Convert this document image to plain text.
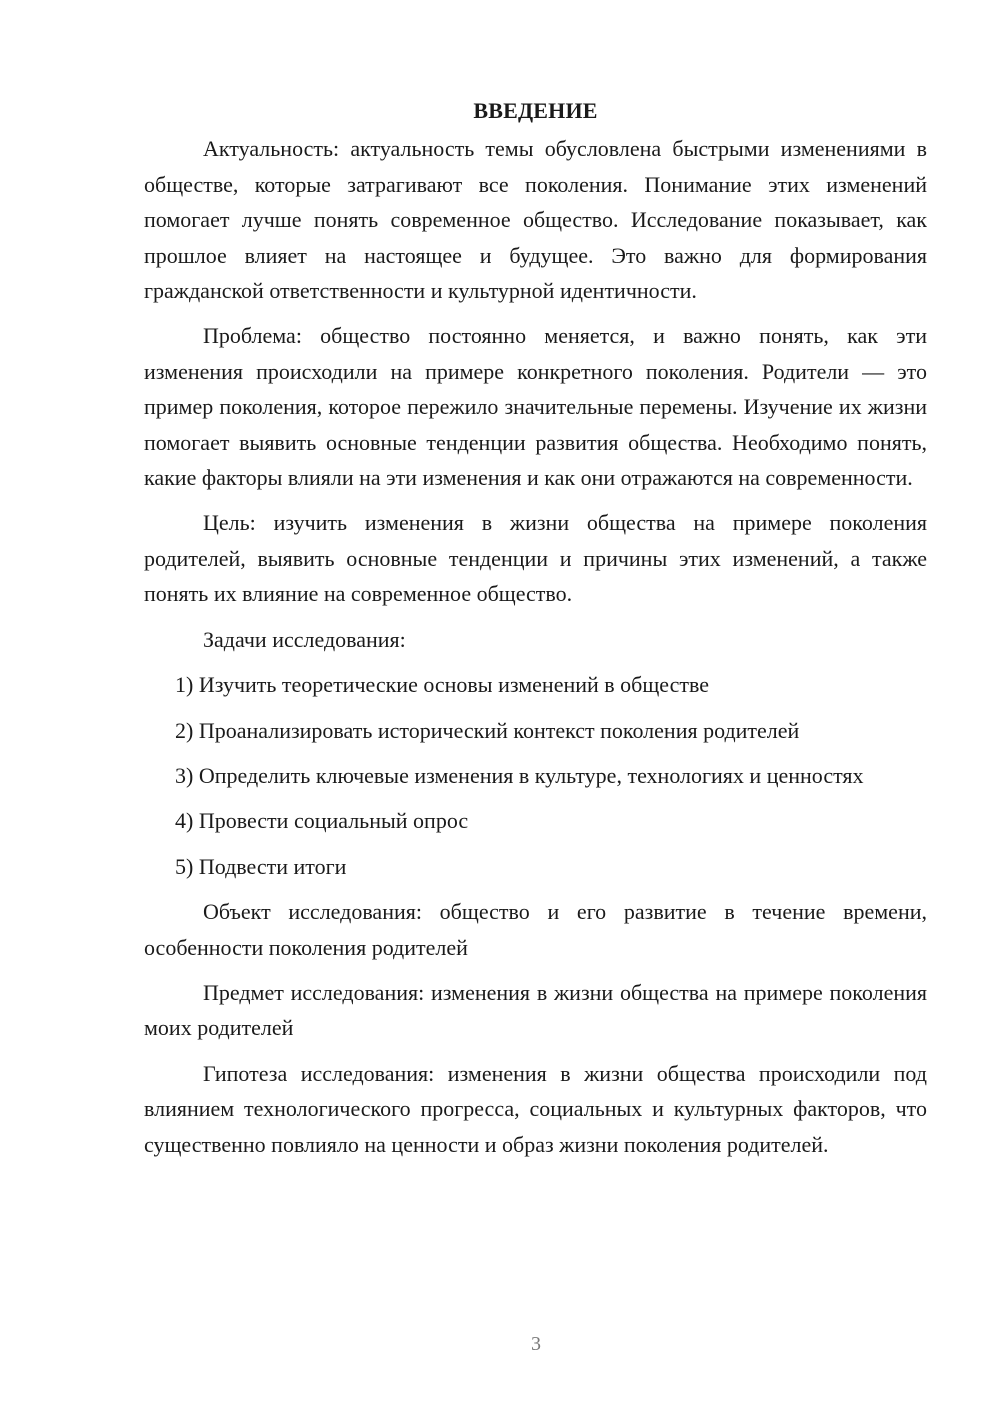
ВВЕДЕНИЕ

Актуальность: актуальность темы обусловлена быстрыми изменениями в обществе, которые затрагивают все поколения. Понимание этих изменений помогает лучше понять современное общество. Исследование показывает, как прошлое влияет на настоящее и будущее. Это важно для формирования гражданской ответственности и культурной идентичности.

Проблема: общество постоянно меняется, и важно понять, как эти изменения происходили на примере конкретного поколения. Родители — это пример поколения, которое пережило значительные перемены. Изучение их жизни помогает выявить основные тенденции развития общества. Необходимо понять, какие факторы влияли на эти изменения и как они отражаются на современности.

Цель: изучить изменения в жизни общества на примере поколения родителей, выявить основные тенденции и причины этих изменений, а также понять их влияние на современное общество.

Задачи исследования:

1) Изучить теоретические основы изменений в обществе

2) Проанализировать исторический контекст поколения родителей

3) Определить ключевые изменения в культуре, технологиях и ценностях

4) Провести социальный опрос

5) Подвести итоги

Объект исследования: общество и его развитие в течение времени, особенности поколения родителей

Предмет исследования: изменения в жизни общества на примере поколения моих родителей

Гипотеза исследования: изменения в жизни общества происходили под влиянием технологического прогресса, социальных и культурных факторов, что существенно повлияло на ценности и образ жизни поколения родителей.

3
